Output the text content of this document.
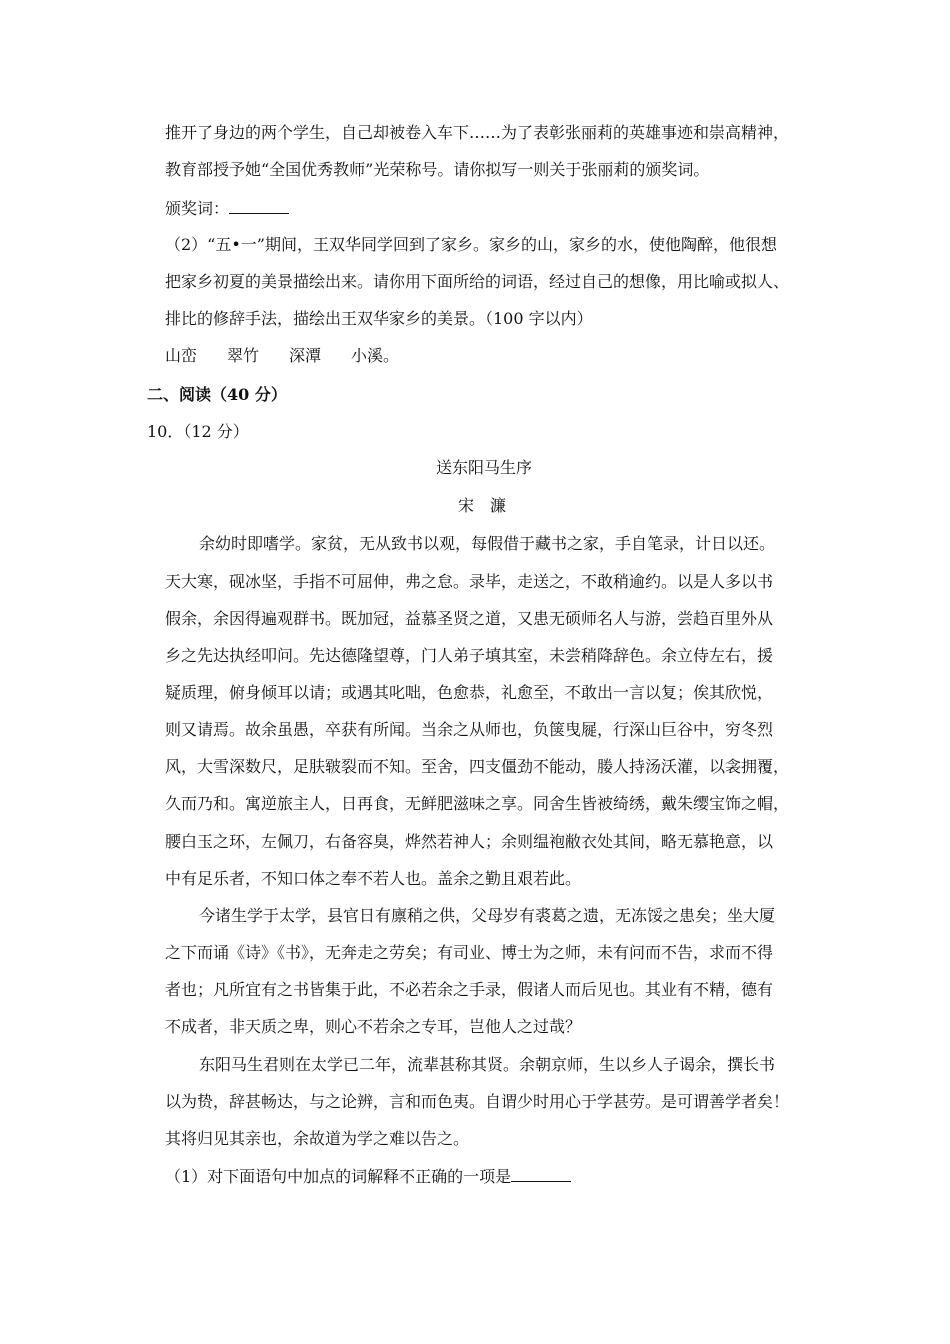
推开了身边的两个学生，自己却被卷入车下……为了表彰张丽莉的英雄事迹和崇高精神，
教育部授予她“全国优秀教师”光荣称号。请你拟写一则关于张丽莉的颁奖词。
颁奖词：
（2）“五•一”期间，王双华同学回到了家乡。家乡的山，家乡的水，使他陶醉，他很想
把家乡初夏的美景描绘出来。请你用下面所给的词语，经过自己的想像，用比喻或拟人、
排比的修辞手法，描绘出王双华家乡的美景。（100 字以内）
山峦 翠竹 深潭 小溪。
二、阅读（40 分）
10．（12 分）
送东阳马生序
宋　濂
余幼时即嗜学。家贫，无从致书以观，每假借于藏书之家，手自笔录，计日以还。
天大寒，砚冰坚，手指不可屈伸，弗之怠。录毕，走送之，不敢稍逾约。以是人多以书
假余，余因得遍观群书。既加冠，益慕圣贤之道，又患无硕师名人与游，尝趋百里外从
乡之先达执经叩问。先达德隆望尊，门人弟子填其室，未尝稍降辞色。余立侍左右，援
疑质理，俯身倾耳以请；或遇其叱咄，色愈恭，礼愈至，不敢出一言以复；俟其欣悦，
则又请焉。故余虽愚，卒获有所闻。当余之从师也，负箧曳屣，行深山巨谷中，穷冬烈
风，大雪深数尺，足肤皲裂而不知。至舍，四支僵劲不能动，媵人持汤沃灌，以衾拥覆，
久而乃和。寓逆旅主人，日再食，无鲜肥滋味之享。同舍生皆被绮绣，戴朱缨宝饰之帽，
腰白玉之环，左佩刀，右备容臭，烨然若神人；余则缊袍敝衣处其间，略无慕艳意，以
中有足乐者，不知口体之奉不若人也。盖余之勤且艰若此。
今诸生学于太学，县官日有廪稍之供，父母岁有裘葛之遗，无冻馁之患矣；坐大厦
之下而诵《诗》《书》，无奔走之劳矣；有司业、博士为之师，未有问而不告，求而不得
者也；凡所宜有之书皆集于此，不必若余之手录，假诸人而后见也。其业有不精，德有
不成者，非天质之卑，则心不若余之专耳，岂他人之过哉？
东阳马生君则在太学已二年，流辈甚称其贤。余朝京师，生以乡人子谒余，撰长书
以为贽，辞甚畅达，与之论辨，言和而色夷。自谓少时用心于学甚劳。是可谓善学者矣！
其将归见其亲也，余故道为学之难以告之。
（1）对下面语句中加点的词解释不正确的一项是
